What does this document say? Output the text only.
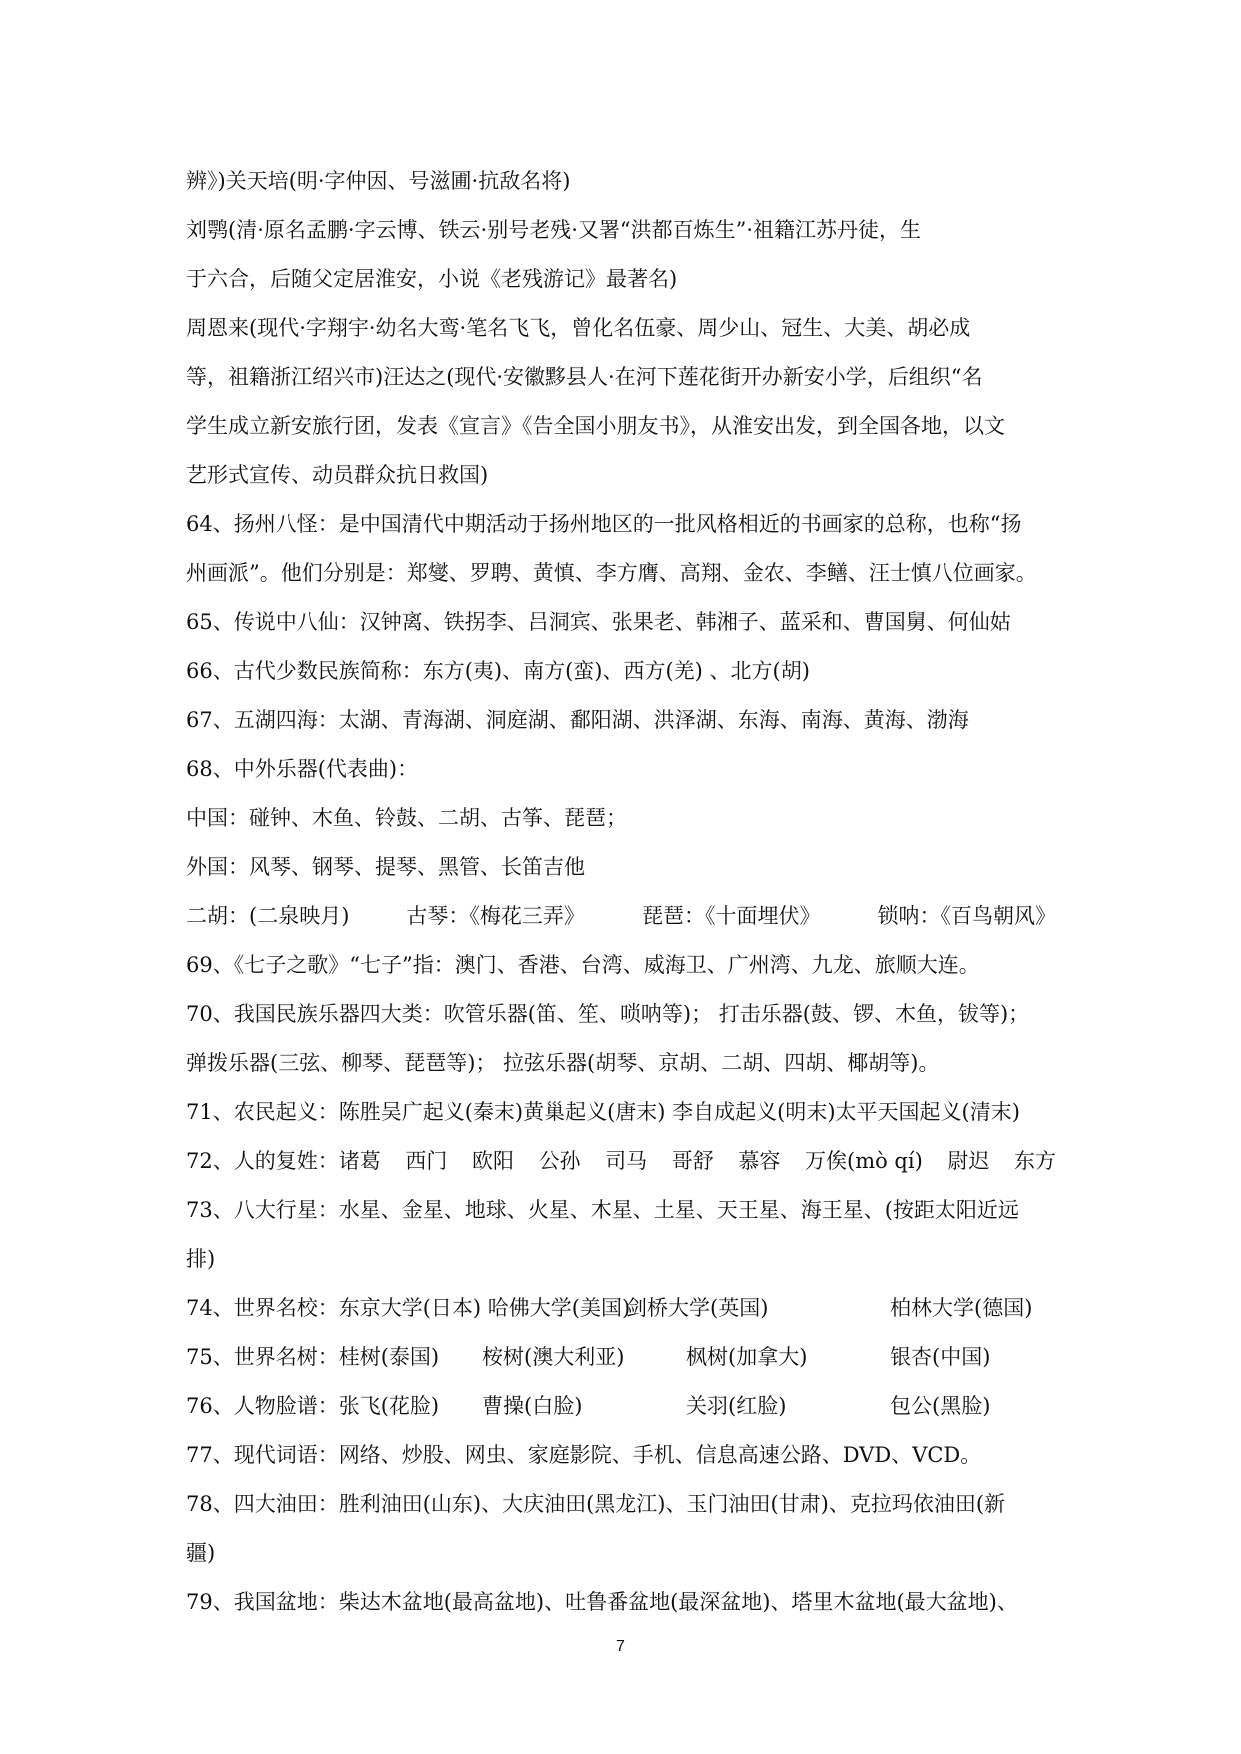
辨》)关天培(明·字仲因、号滋圃·抗敌名将)
刘鹗(清·原名孟鹏·字云博、铁云·别号老残·又署“洪都百炼生”·祖籍江苏丹徒，生
于六合，后随父定居淮安，小说《老残游记》最著名)
周恩来(现代·字翔宇·幼名大鸾·笔名飞飞，曾化名伍豪、周少山、冠生、大美、胡必成
等，祖籍浙江绍兴市)汪达之(现代·安徽黟县人·在河下莲花街开办新安小学，后组织“名
学生成立新安旅行团，发表《宣言》《告全国小朋友书》，从淮安出发，到全国各地，以文
艺形式宣传、动员群众抗日救国)
64、扬州八怪：是中国清代中期活动于扬州地区的一批风格相近的书画家的总称，也称“扬
州画派”。他们分别是：郑燮、罗聘、黄慎、李方膺、高翔、金农、李鳝、汪士慎八位画家。
65、传说中八仙：汉钟离、铁拐李、吕洞宾、张果老、韩湘子、蓝采和、曹国舅、何仙姑
66、古代少数民族简称：东方(夷)、南方(蛮)、西方(羌) 、北方(胡)
67、五湖四海：太湖、青海湖、洞庭湖、鄱阳湖、洪泽湖、东海、南海、黄海、渤海
68、中外乐器(代表曲)：
中国：碰钟、木鱼、铃鼓、二胡、古筝、琵琶；
外国：风琴、钢琴、提琴、黑管、长笛吉他
二胡：(二泉映月)	古琴：《梅花三弄》	琵琶：《十面埋伏》	锁呐：《百鸟朝风》
69、《七子之歌》“七子”指：澳门、香港、台湾、威海卫、广州湾、九龙、旅顺大连。
70、我国民族乐器四大类：吹管乐器(笛、笙、唢呐等)； 打击乐器(鼓、锣、木鱼，钹等)；
弹拨乐器(三弦、柳琴、琵琶等)； 拉弦乐器(胡琴、京胡、二胡、四胡、椰胡等)。
71、农民起义：陈胜吴广起义(秦末)黄巢起义(唐末) 李自成起义(明末)太平天国起义(清末)
72、人的复姓：诸葛 西门 欧阳 公孙 司马 哥舒 慕容 万俟(mò qí) 尉迟 东方
73、八大行星：水星、金星、地球、火星、木星、土星、天王星、海王星、(按距太阳近远
排)
74、世界名校：东京大学(日本) 哈佛大学(美国)
剑桥大学(英国)	柏林大学(德国)
75、世界名树：桂树(泰国)	桉树(澳大利亚)	枫树(加拿大)	银杏(中国)
76、人物脸谱：张飞(花脸)	曹操(白脸)	关羽(红脸)	包公(黑脸)
77、现代词语：网络、炒股、网虫、家庭影院、手机、信息高速公路、DVD、VCD。
78、四大油田：胜利油田(山东)、大庆油田(黑龙江)、玉门油田(甘肃)、克拉玛依油田(新
疆)
79、我国盆地：柴达木盆地(最高盆地)、吐鲁番盆地(最深盆地)、塔里木盆地(最大盆地)、
7
